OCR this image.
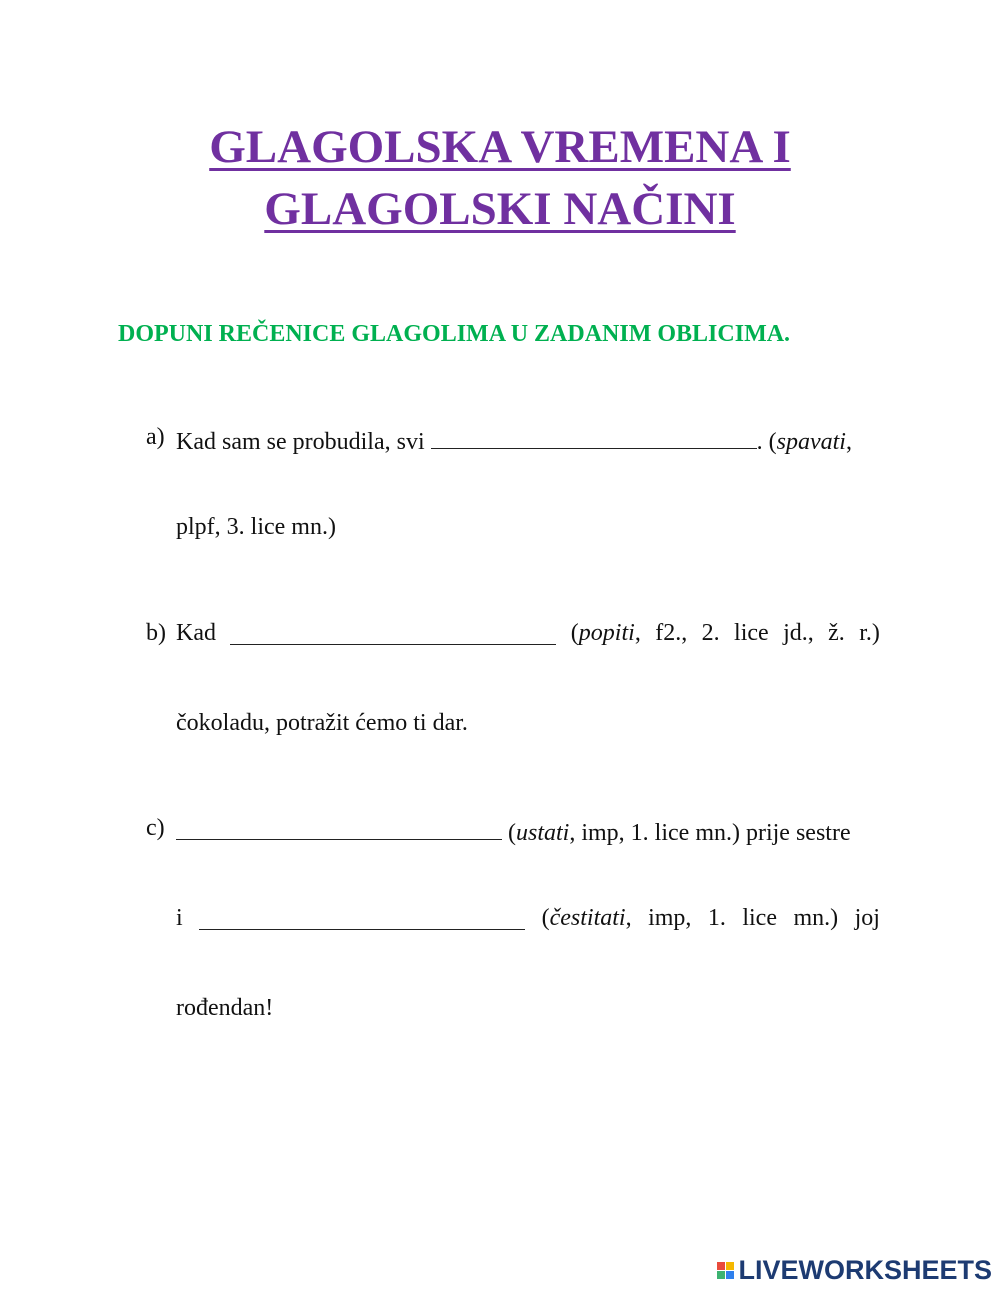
GLAGOLSKA VREMENA I
GLAGOLSKI NAČINI
DOPUNI REČENICE GLAGOLIMA U ZADANIM OBLICIMA.
a) Kad sam se probudila, svi	. (spavati,
plpf, 3. lice mn.)
b) Kad	(popiti, f2., 2. lice jd., ž. r.)
čokoladu, potražit ćemo ti dar.
c)	(ustati, imp, 1. lice mn.) prije sestre
i	(čestitati, imp, 1. lice mn.) joj
rođendan!
LIVEWORKSHEETS
